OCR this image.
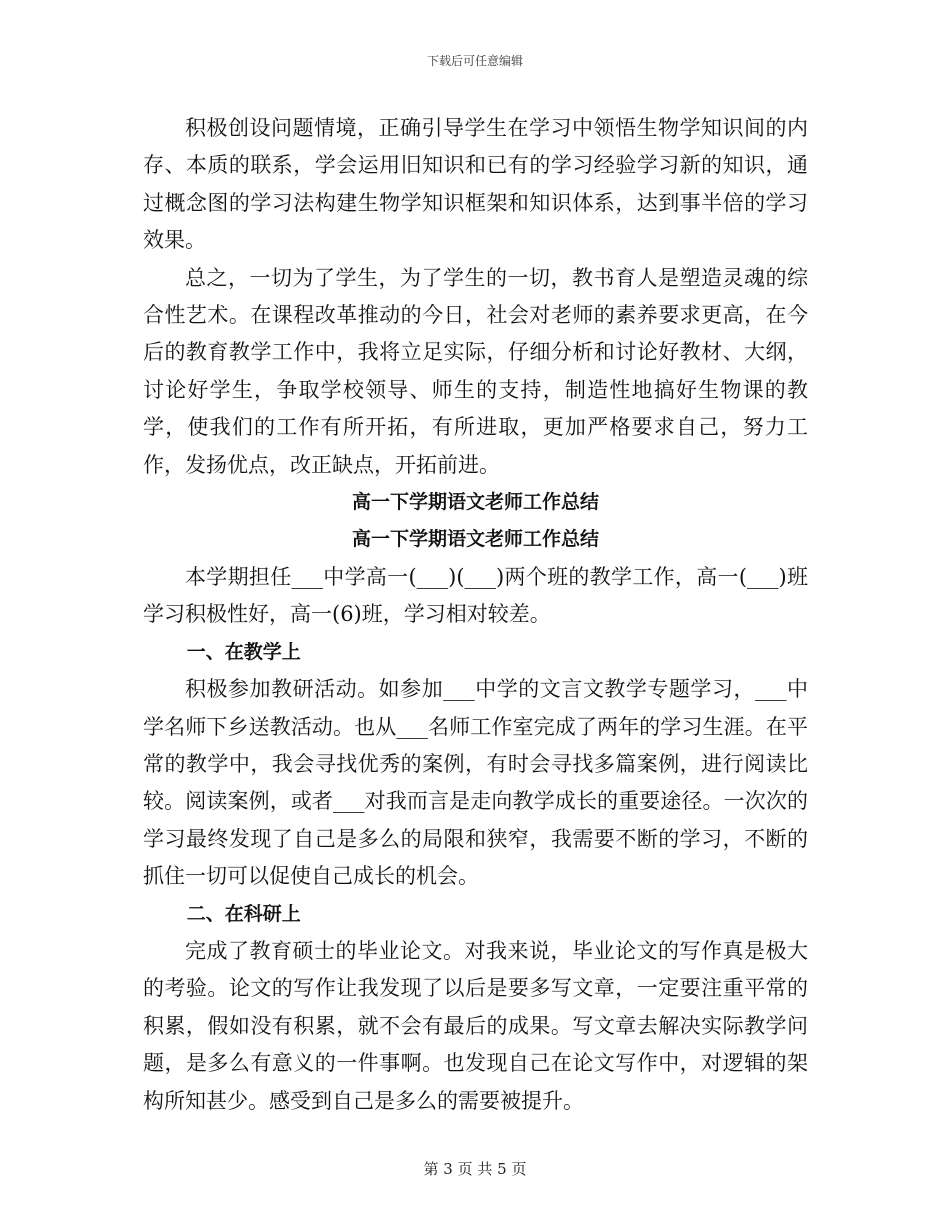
下载后可任意编辑

积极创设问题情境，正确引导学生在学习中领悟生物学知识间的内存、本质的联系，学会运用旧知识和已有的学习经验学习新的知识，通过概念图的学习法构建生物学知识框架和知识体系，达到事半倍的学习效果。

总之，一切为了学生，为了学生的一切，教书育人是塑造灵魂的综合性艺术。在课程改革推动的今日，社会对老师的素养要求更高，在今后的教育教学工作中，我将立足实际，仔细分析和讨论好教材、大纲，讨论好学生，争取学校领导、师生的支持，制造性地搞好生物课的教学，使我们的工作有所开拓，有所进取，更加严格要求自己，努力工作，发扬优点，改正缺点，开拓前进。

高一下学期语文老师工作总结

高一下学期语文老师工作总结

本学期担任___中学高一(___)(___)两个班的教学工作，高一(___)班学习积极性好，高一(6)班，学习相对较差。

一、在教学上

积极参加教研活动。如参加___中学的文言文教学专题学习，___中学名师下乡送教活动。也从___名师工作室完成了两年的学习生涯。在平常的教学中，我会寻找优秀的案例，有时会寻找多篇案例，进行阅读比较。阅读案例，或者___对我而言是走向教学成长的重要途径。一次次的学习最终发现了自己是多么的局限和狭窄，我需要不断的学习，不断的抓住一切可以促使自己成长的机会。

二、在科研上

完成了教育硕士的毕业论文。对我来说，毕业论文的写作真是极大的考验。论文的写作让我发现了以后是要多写文章，一定要注重平常的积累，假如没有积累，就不会有最后的成果。写文章去解决实际教学问题，是多么有意义的一件事啊。也发现自己在论文写作中，对逻辑的架构所知甚少。感受到自己是多么的需要被提升。

第 3 页 共 5 页
